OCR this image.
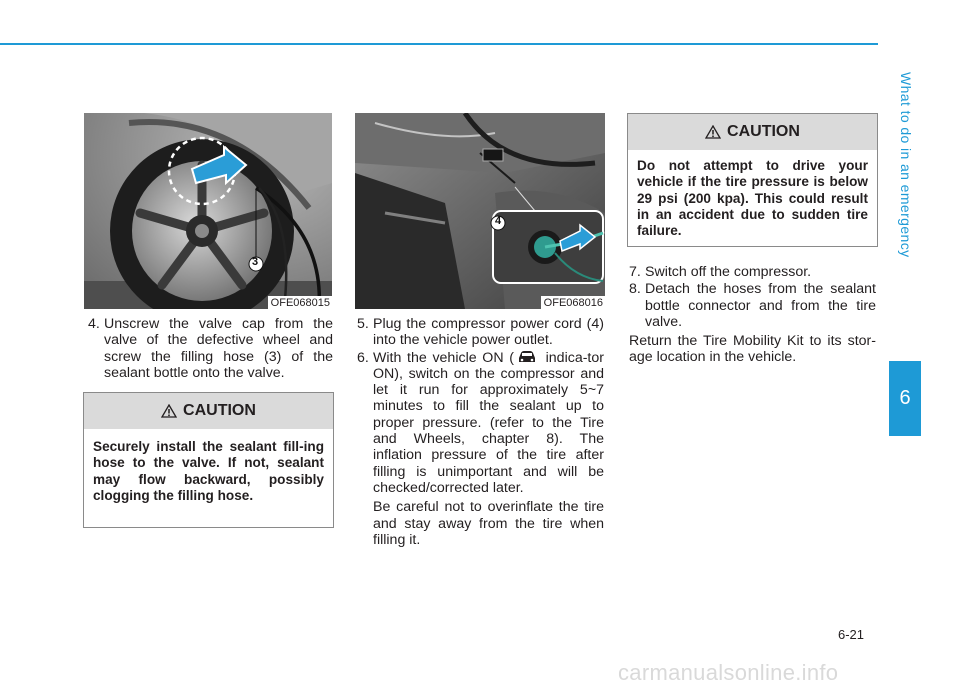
What to do in an emergency
6
3
OFE068015
4
OFE068016
4. Unscrew the valve cap from the valve of the defective wheel and screw the filling hose (3) of the sealant bottle onto the valve.
CAUTION
Securely install the sealant fill-ing hose to the valve. If not, sealant may flow backward, possibly clogging the filling hose.
5. Plug the compressor power cord (4) into the vehicle power outlet.
6. With the vehicle ON ( indica-tor ON), switch on the compressor and let it run for approximately 5~7 minutes to fill the sealant up to proper pressure. (refer to the Tire and Wheels, chapter 8). The inflation pressure of the tire after filling is unimportant and will be checked/corrected later.
Be careful not to overinflate the tire and stay away from the tire when filling it.
CAUTION
Do not attempt to drive your vehicle if the tire pressure is below 29 psi (200 kpa). This could result in an accident due to sudden tire failure.
7. Switch off the compressor.
8. Detach the hoses from the sealant bottle connector and from the tire valve.
Return the Tire Mobility Kit to its stor-age location in the vehicle.
6-21
carmanualsonline.info
